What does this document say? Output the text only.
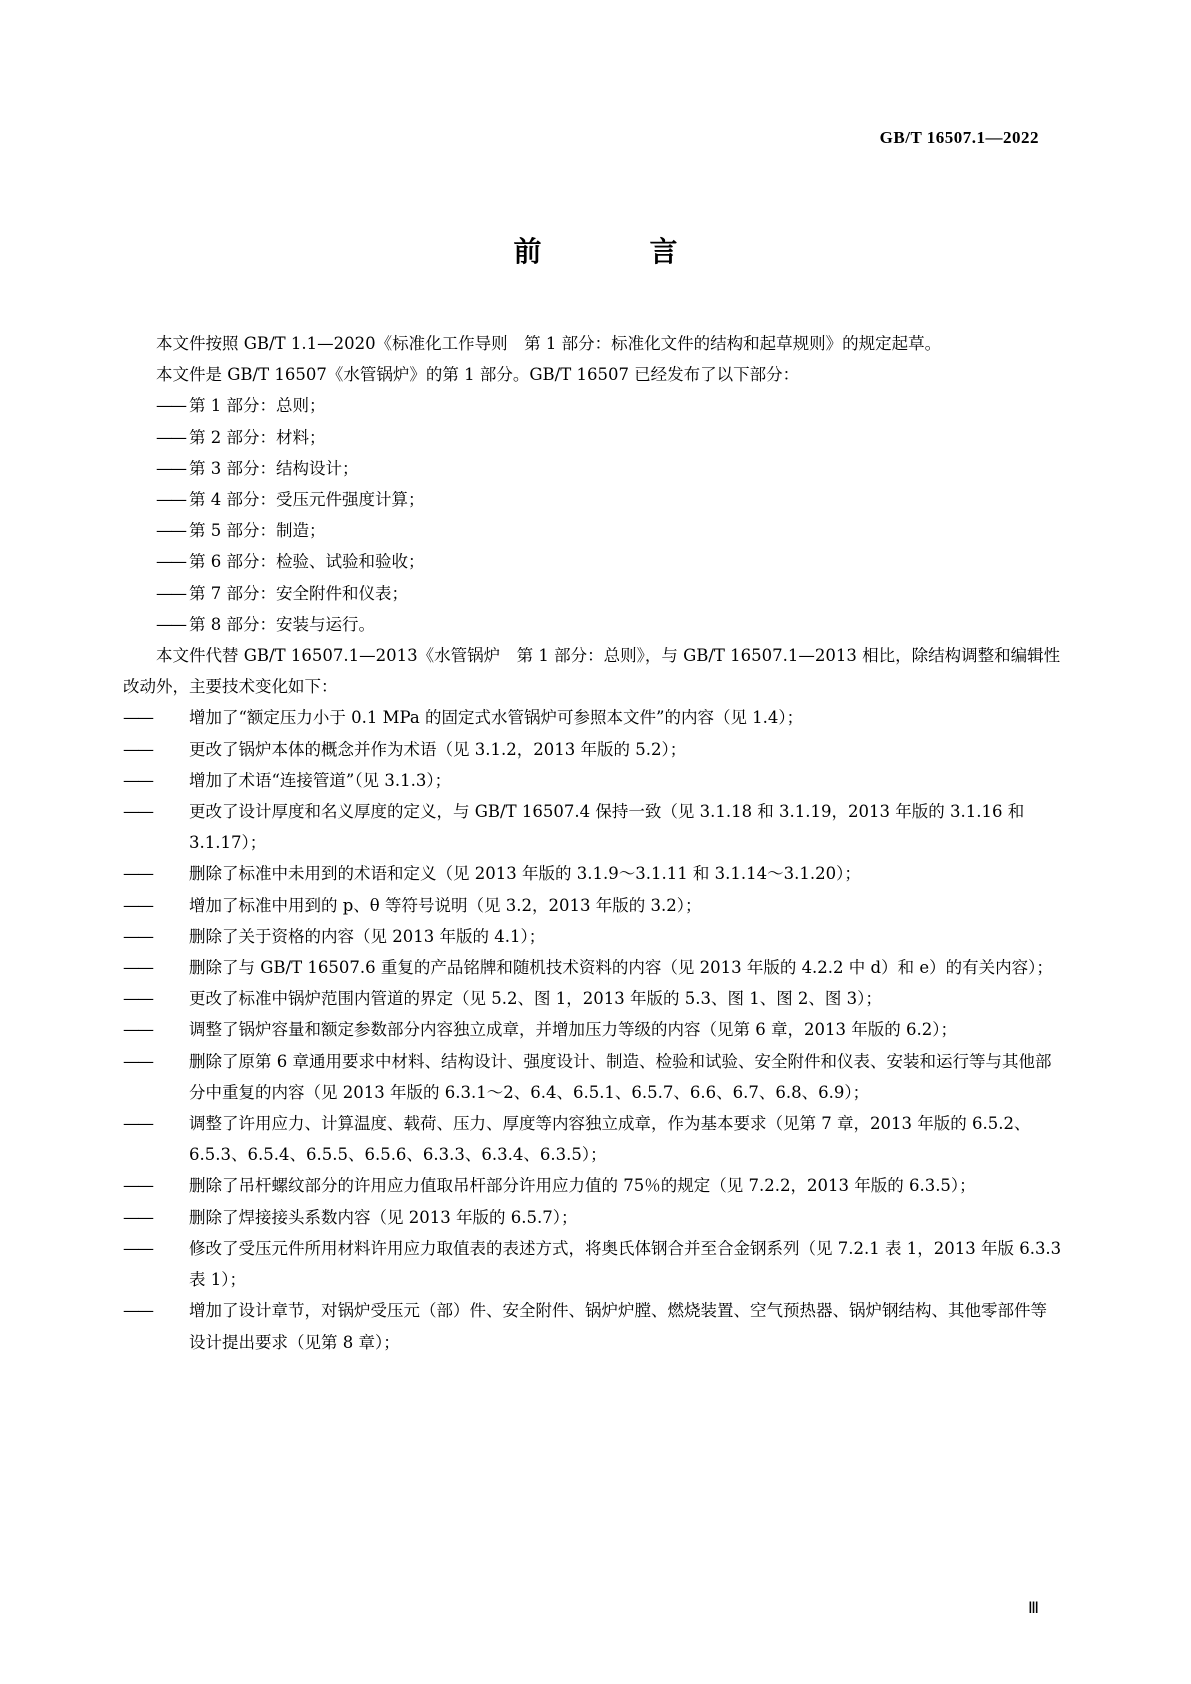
GB/T 16507.1—2022
前　言

本文件按照 GB/T 1.1—2020《标准化工作导则　第 1 部分：标准化文件的结构和起草规则》的规定起草。

本文件是 GB/T 16507《水管锅炉》的第 1 部分。GB/T 16507 已经发布了以下部分：

—— 第 1 部分：总则；

—— 第 2 部分：材料；

—— 第 3 部分：结构设计；

—— 第 4 部分：受压元件强度计算；

—— 第 5 部分：制造；

—— 第 6 部分：检验、试验和验收；

—— 第 7 部分：安全附件和仪表；

—— 第 8 部分：安装与运行。

本文件代替 GB/T 16507.1—2013《水管锅炉　第 1 部分：总则》，与 GB/T 16507.1—2013 相比，除结构调整和编辑性改动外，主要技术变化如下：

—— 增加了“额定压力小于 0.1 MPa 的固定式水管锅炉可参照本文件”的内容（见 1.4）；

—— 更改了锅炉本体的概念并作为术语（见 3.1.2，2013 年版的 5.2）；

—— 增加了术语“连接管道”（见 3.1.3）；

—— 更改了设计厚度和名义厚度的定义，与 GB/T 16507.4 保持一致（见 3.1.18 和 3.1.19，2013 年版的 3.1.16 和 3.1.17）；

—— 删除了标准中未用到的术语和定义（见 2013 年版的 3.1.9～3.1.11 和 3.1.14～3.1.20）；

—— 增加了标准中用到的 p、θ 等符号说明（见 3.2，2013 年版的 3.2）；

—— 删除了关于资格的内容（见 2013 年版的 4.1）；

—— 删除了与 GB/T 16507.6 重复的产品铭牌和随机技术资料的内容（见 2013 年版的 4.2.2 中 d）和 e）的有关内容）；

—— 更改了标准中锅炉范围内管道的界定（见 5.2、图 1，2013 年版的 5.3、图 1、图 2、图 3）；

—— 调整了锅炉容量和额定参数部分内容独立成章，并增加压力等级的内容（见第 6 章，2013 年版的 6.2）；

—— 删除了原第 6 章通用要求中材料、结构设计、强度设计、制造、检验和试验、安全附件和仪表、安装和运行等与其他部分中重复的内容（见 2013 年版的 6.3.1～2、6.4、6.5.1、6.5.7、6.6、6.7、6.8、6.9）；

—— 调整了许用应力、计算温度、载荷、压力、厚度等内容独立成章，作为基本要求（见第 7 章，2013 年版的 6.5.2、6.5.3、6.5.4、6.5.5、6.5.6、6.3.3、6.3.4、6.3.5）；

—— 删除了吊杆螺纹部分的许用应力值取吊杆部分许用应力值的 75％的规定（见 7.2.2，2013 年版的 6.3.5）；

—— 删除了焊接接头系数内容（见 2013 年版的 6.5.7）；

—— 修改了受压元件所用材料许用应力取值表的表述方式，将奥氏体钢合并至合金钢系列（见 7.2.1 表 1，2013 年版 6.3.3 表 1）；

—— 增加了设计章节，对锅炉受压元（部）件、安全附件、锅炉炉膛、燃烧装置、空气预热器、锅炉钢结构、其他零部件等设计提出要求（见第 8 章）；

Ⅲ
